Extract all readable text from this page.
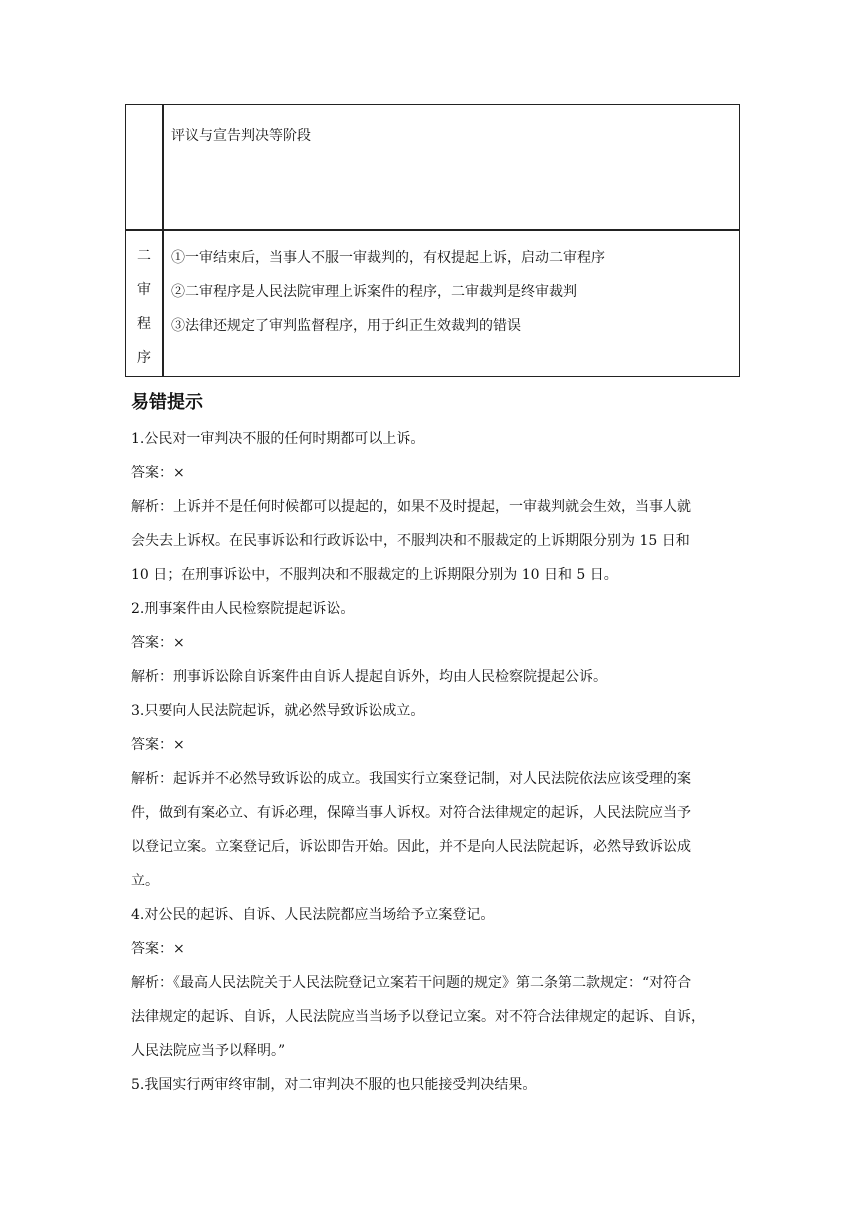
评议与宣告判决等阶段
二
审
程
序
①一审结束后，当事人不服一审裁判的，有权提起上诉，启动二审程序
②二审程序是人民法院审理上诉案件的程序，二审裁判是终审裁判
③法律还规定了审判监督程序，用于纠正生效裁判的错误
易错提示

1.公民对一审判决不服的任何时期都可以上诉。

答案：×

解析：上诉并不是任何时候都可以提起的，如果不及时提起，一审裁判就会生效，当事人就

会失去上诉权。在民事诉讼和行政诉讼中，不服判决和不服裁定的上诉期限分别为 15 日和

10 日；在刑事诉讼中，不服判决和不服裁定的上诉期限分别为 10 日和 5 日。

2.刑事案件由人民检察院提起诉讼。

答案：×

解析：刑事诉讼除自诉案件由自诉人提起自诉外，均由人民检察院提起公诉。

3.只要向人民法院起诉，就必然导致诉讼成立。

答案：×

解析：起诉并不必然导致诉讼的成立。我国实行立案登记制，对人民法院依法应该受理的案

件，做到有案必立、有诉必理，保障当事人诉权。对符合法律规定的起诉，人民法院应当予

以登记立案。立案登记后，诉讼即告开始。因此，并不是向人民法院起诉，必然导致诉讼成

立。

4.对公民的起诉、自诉、人民法院都应当场给予立案登记。

答案：×

解析：《最高人民法院关于人民法院登记立案若干问题的规定》第二条第二款规定：“对符合

法律规定的起诉、自诉，人民法院应当当场予以登记立案。对不符合法律规定的起诉、自诉，

人民法院应当予以释明。”

5.我国实行两审终审制，对二审判决不服的也只能接受判决结果。
